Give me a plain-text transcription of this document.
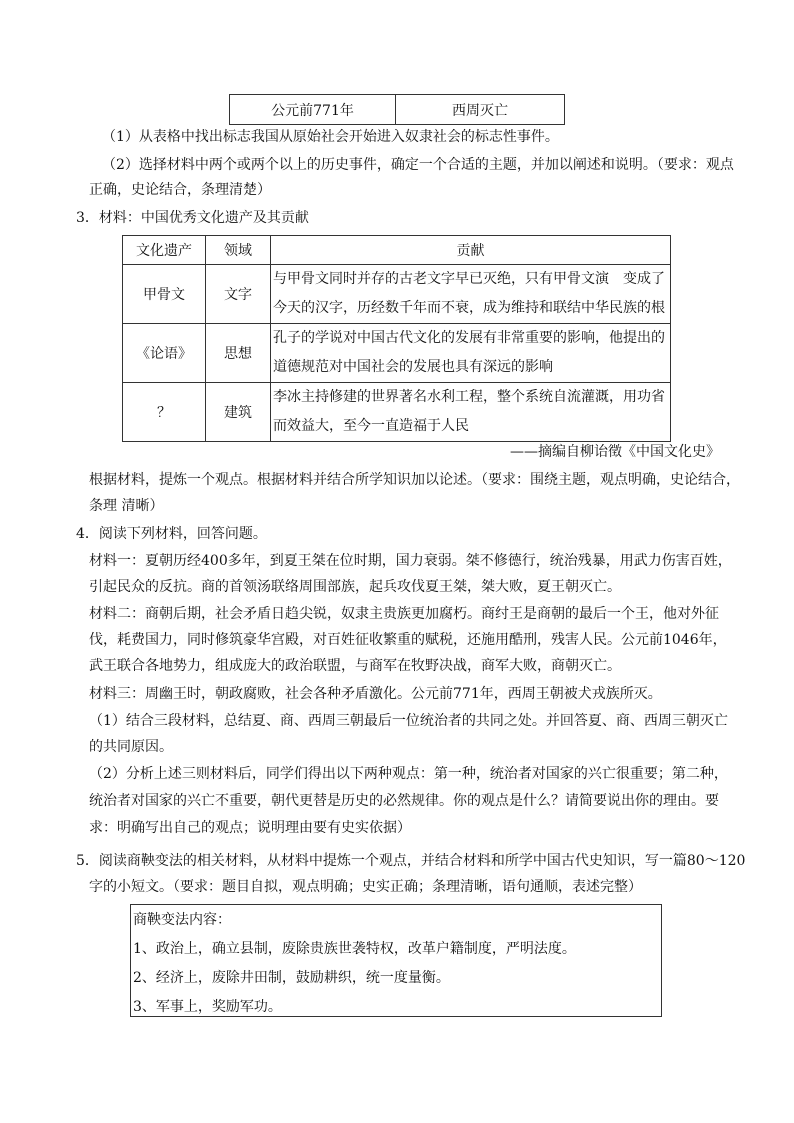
公元前771年	西周灭亡
（1）从表格中找出标志我国从原始社会开始进入奴隶社会的标志性事件。
（2）选择材料中两个或两个以上的历史事件，确定一个合适的主题，并加以阐述和说明。（要求：观点
正确，史论结合，条理清楚）
3．材料：中国优秀文化遗产及其贡献
文化遗产	领域	贡献
甲骨文	文字	与甲骨文同时并存的古老文字早已灭绝，只有甲骨文演　变成了
今天的汉字，历经数千年而不衰，成为维持和联结中华民族的根

《论语》	思想	孔子的学说对中国古代文化的发展有非常重要的影响，他提出的
道德规范对中国社会的发展也具有深远的影响

？	建筑	李冰主持修建的世界著名水利工程，整个系统自流灌溉，用功省
而效益大，至今一直造福于人民
——摘编自柳诒徵《中国文化史》
根据材料，提炼一个观点。根据材料并结合所学知识加以论述。（要求：围绕主题，观点明确，史论结合，
条理 清晰）
4．阅读下列材料，回答问题。
材料一：夏朝历经400多年，到夏王桀在位时期，国力衰弱。桀不修德行，统治残暴，用武力伤害百姓，
引起民众的反抗。商的首领汤联络周围部族，起兵攻伐夏王桀，桀大败，夏王朝灭亡。
材料二：商朝后期，社会矛盾日趋尖锐，奴隶主贵族更加腐朽。商纣王是商朝的最后一个王，他对外征
伐，耗费国力，同时修筑豪华宫殿，对百姓征收繁重的赋税，还施用酷刑，残害人民。公元前1046年，
武王联合各地势力，组成庞大的政治联盟，与商军在牧野决战，商军大败，商朝灭亡。
材料三：周幽王时，朝政腐败，社会各种矛盾激化。公元前771年，西周王朝被犬戎族所灭。
（1）结合三段材料，总结夏、商、西周三朝最后一位统治者的共同之处。并回答夏、商、西周三朝灭亡
的共同原因。
（2）分析上述三则材料后，同学们得出以下两种观点：第一种，统治者对国家的兴亡很重要；第二种，
统治者对国家的兴亡不重要，朝代更替是历史的必然规律。你的观点是什么？请简要说出你的理由。要
求：明确写出自己的观点；说明理由要有史实依据）
5．阅读商鞅变法的相关材料，从材料中提炼一个观点，并结合材料和所学中国古代史知识，写一篇80～120
字的小短文。（要求：题目自拟，观点明确；史实正确；条理清晰，语句通顺，表述完整）
商鞅变法内容：
1、政治上，确立县制，废除贵族世袭特权，改革户籍制度，严明法度。
2、经济上，废除井田制，鼓励耕织，统一度量衡。
3、军事上，奖励军功。
